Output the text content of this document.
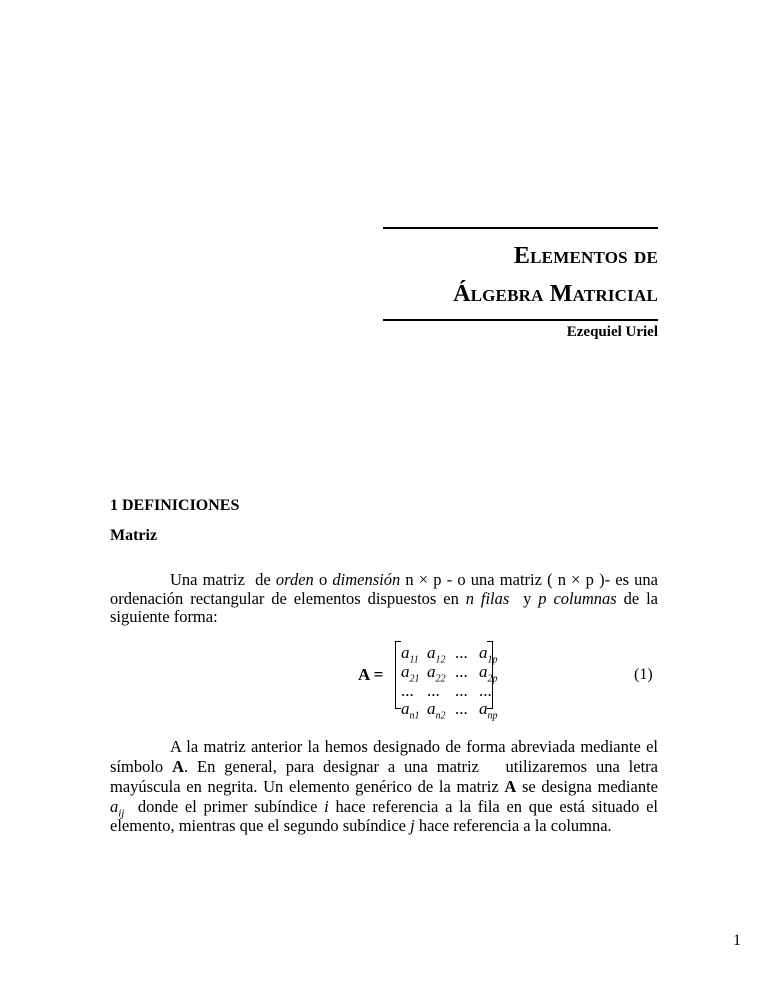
Elementos de
Álgebra Matricial
Ezequiel Uriel
1 DEFINICIONES
Matriz
Una matriz  de orden o dimensión n × p - o una matriz ( n × p )- es una
ordenación rectangular de elementos dispuestos en n filas  y p columnas de la
siguiente forma:
A =
$a_{11}$ $a_{12}$ ... $a_{1p}$
$a_{21}$ $a_{22}$ ... $a_{2p}$
... ... ... ...
$a_{n1}$ $a_{n2}$ ... $a_{np}$
(1)
A la matriz anterior la hemos designado de forma abreviada mediante el
símbolo A. En general, para designar a una matriz   utilizaremos una letra
mayúscula en negrita. Un elemento genérico de la matriz A se designa mediante
$a_{ij}$  donde el primer subíndice i hace referencia a la fila en que está situado el
elemento, mientras que el segundo subíndice j hace referencia a la columna.
1
